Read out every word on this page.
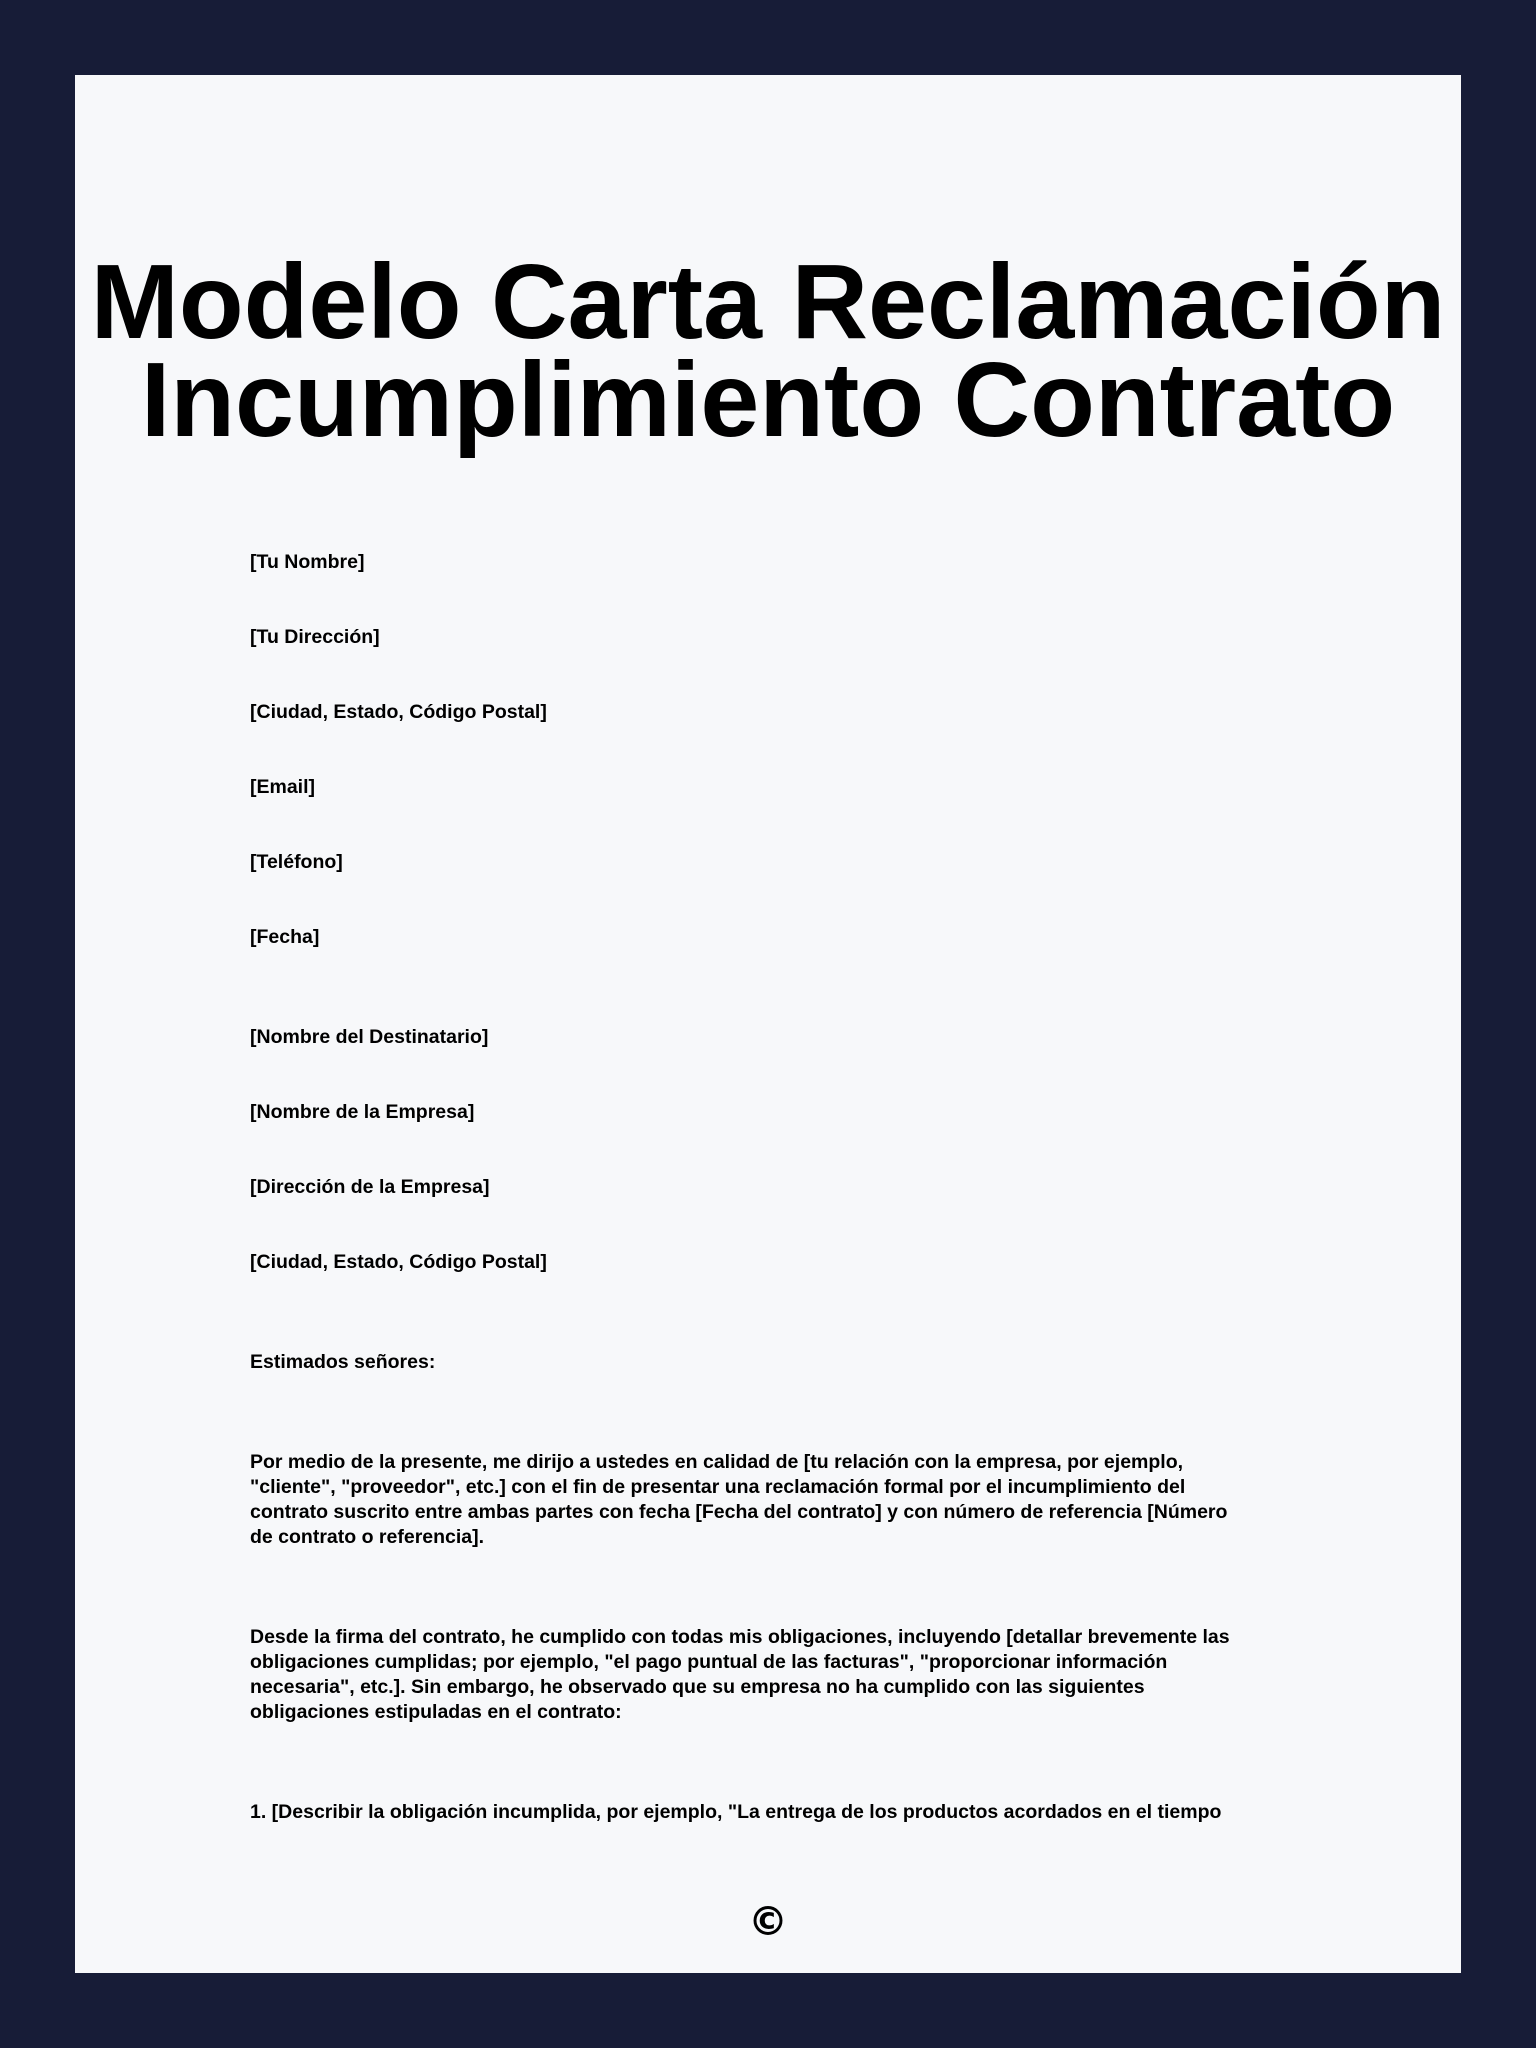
Modelo Carta Reclamación
Incumplimiento Contrato

[Tu Nombre]

[Tu Dirección]

[Ciudad, Estado, Código Postal]

[Email]

[Teléfono]

[Fecha]

[Nombre del Destinatario]

[Nombre de la Empresa]

[Dirección de la Empresa]

[Ciudad, Estado, Código Postal]

Estimados señores:

Por medio de la presente, me dirijo a ustedes en calidad de [tu relación con la empresa, por ejemplo,
"cliente", "proveedor", etc.] con el fin de presentar una reclamación formal por el incumplimiento del
contrato suscrito entre ambas partes con fecha [Fecha del contrato] y con número de referencia [Número
de contrato o referencia].

Desde la firma del contrato, he cumplido con todas mis obligaciones, incluyendo [detallar brevemente las
obligaciones cumplidas; por ejemplo, "el pago puntual de las facturas", "proporcionar información
necesaria", etc.]. Sin embargo, he observado que su empresa no ha cumplido con las siguientes
obligaciones estipuladas en el contrato:

1. [Describir la obligación incumplida, por ejemplo, "La entrega de los productos acordados en el tiempo

©
